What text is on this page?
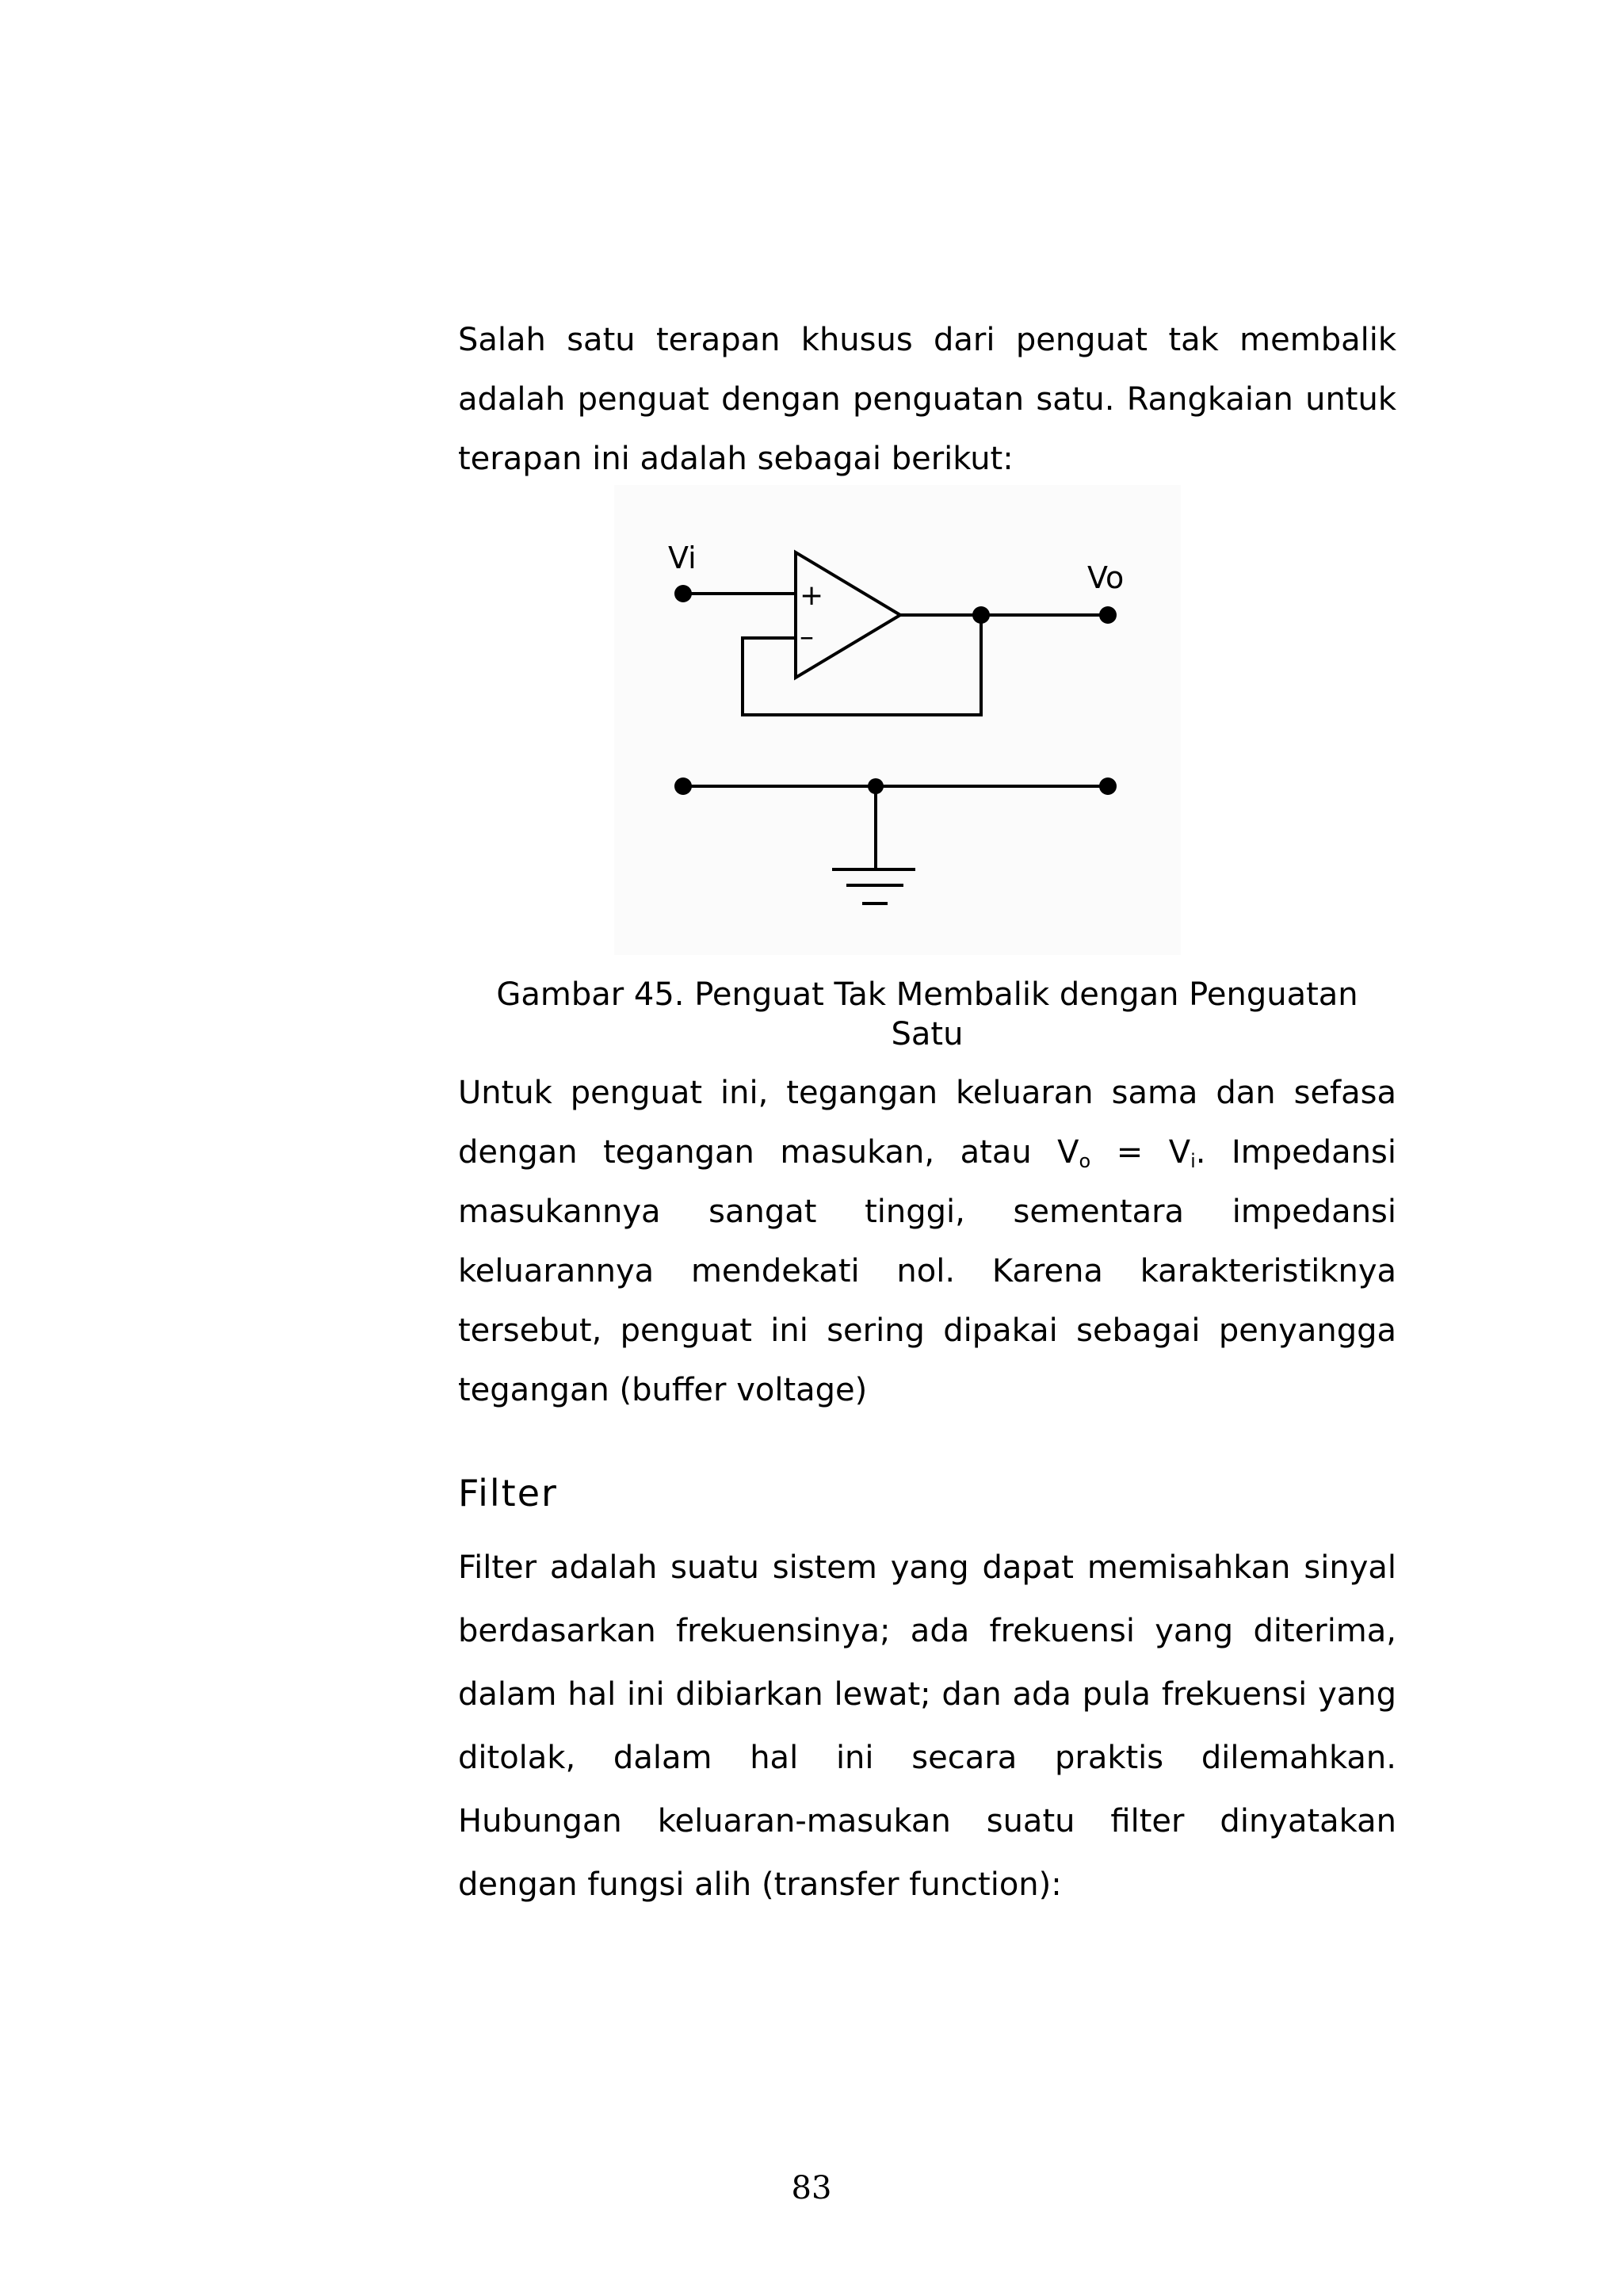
Salah satu terapan khusus dari penguat tak membalik adalah penguat dengan penguatan satu. Rangkaian untuk terapan ini adalah sebagai berikut:

Vi
Vo
+
–
Gambar 45. Penguat Tak Membalik dengan Penguatan Satu

Untuk penguat ini, tegangan keluaran sama dan sefasa dengan tegangan masukan, atau $V_o = V_i$. Impedansi masukannya sangat tinggi, sementara impedansi keluarannya mendekati nol. Karena karakteristiknya tersebut, penguat ini sering dipakai sebagai penyangga tegangan (buffer voltage)

Filter

Filter adalah suatu sistem yang dapat memisahkan sinyal berdasarkan frekuensinya; ada frekuensi yang diterima, dalam hal ini dibiarkan lewat; dan ada pula frekuensi yang ditolak, dalam hal ini secara praktis dilemahkan. Hubungan keluaran-masukan suatu filter dinyatakan dengan fungsi alih (transfer function):

83
